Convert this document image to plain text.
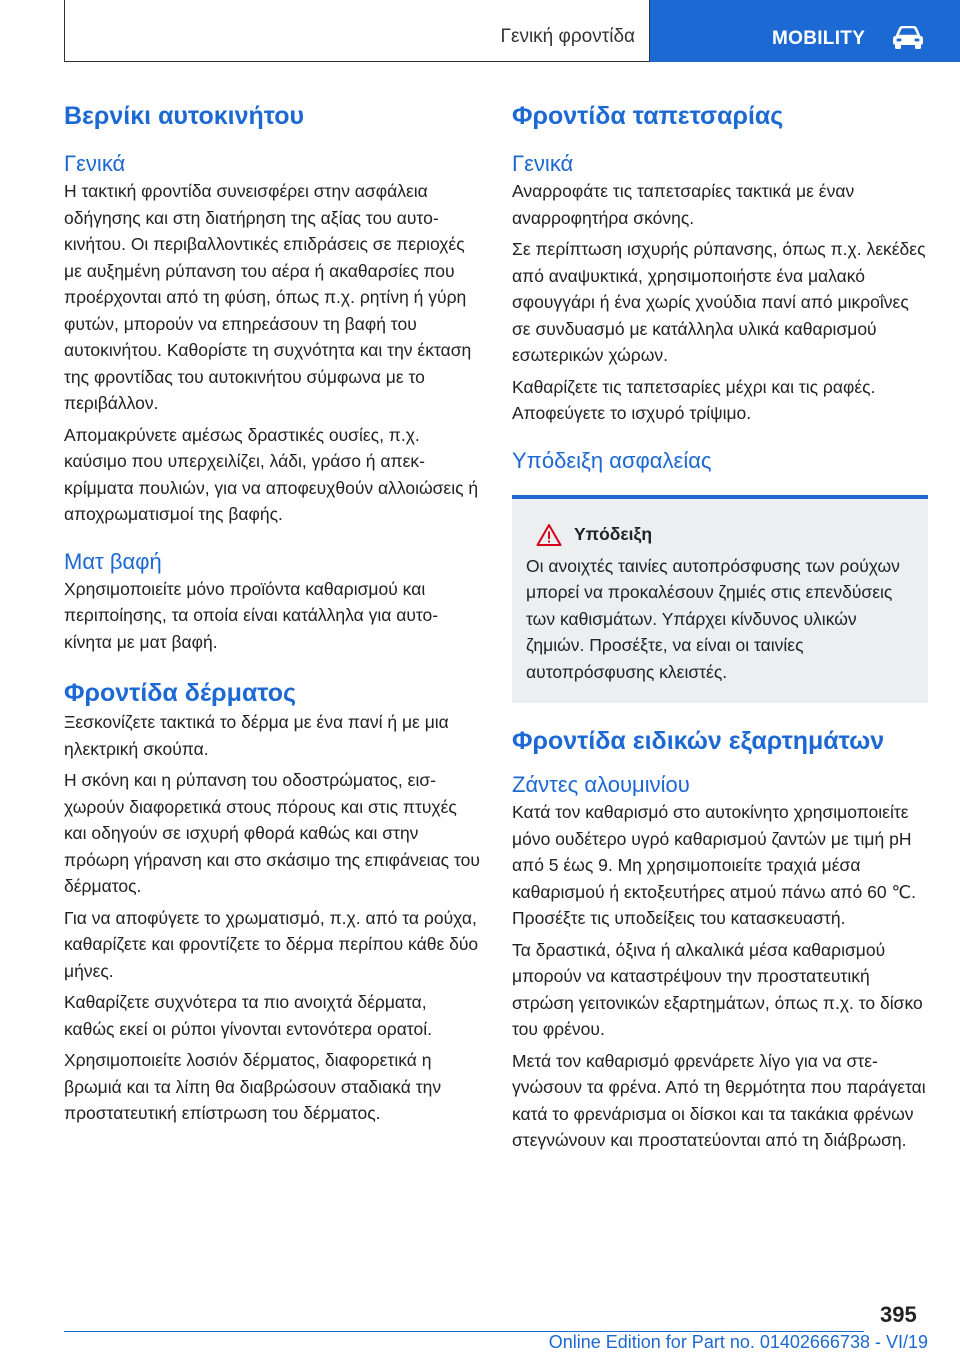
Γενική φροντίδα	MOBILITY
Βερνίκι αυτοκινήτου
Γενικά

Η τακτική φροντίδα συνεισφέρει στην ασφάλεια οδήγησης και στη διατήρηση της αξίας του αυτοκινήτου. Οι περιβαλλοντικές επιδράσεις σε περιοχές με αυξημένη ρύπανση του αέρα ή ακαθαρσίες που προέρχονται από τη φύση, όπως π.χ. ρητίνη ή γύρη φυτών, μπορούν να επηρεάσουν τη βαφή του αυτοκινήτου. Καθορίστε τη συχνότητα και την έκταση της φροντίδας του αυτοκινήτου σύμφωνα με το περιβάλλον.

Απομακρύνετε αμέσως δραστικές ουσίες, π.χ. καύσιμο που υπερχειλίζει, λάδι, γράσο ή απεκκρίμματα πουλιών, για να αποφευχθούν αλλοιώσεις ή αποχρωματισμοί της βαφής.

Ματ βαφή

Χρησιμοποιείτε μόνο προϊόντα καθαρισμού και περιποίησης, τα οποία είναι κατάλληλα για αυτοκίνητα με ματ βαφή.

Φροντίδα δέρματος

Ξεσκονίζετε τακτικά το δέρμα με ένα πανί ή με μια ηλεκτρική σκούπα.

Η σκόνη και η ρύπανση του οδοστρώματος, εισχωρούν διαφορετικά στους πόρους και στις πτυχές και οδηγούν σε ισχυρή φθορά καθώς και στην πρόωρη γήρανση και στο σκάσιμο της επιφάνειας του δέρματος.

Για να αποφύγετε το χρωματισμό, π.χ. από τα ρούχα, καθαρίζετε και φροντίζετε το δέρμα περίπου κάθε δύο μήνες.

Καθαρίζετε συχνότερα τα πιο ανοιχτά δέρματα, καθώς εκεί οι ρύποι γίνονται εντονότερα ορατοί.

Χρησιμοποιείτε λοσιόν δέρματος, διαφορετικά η βρωμιά και τα λίπη θα διαβρώσουν σταδιακά την προστατευτική επίστρωση του δέρματος.

Φροντίδα ταπετσαρίας
Γενικά

Αναρροφάτε τις ταπετσαρίες τακτικά με έναν αναρροφητήρα σκόνης.

Σε περίπτωση ισχυρής ρύπανσης, όπως π.χ. λεκέδες από αναψυκτικά, χρησιμοποιήστε ένα μαλακό σφουγγάρι ή ένα χωρίς χνούδια πανί από μικροΐνες σε συνδυασμό με κατάλληλα υλικά καθαρισμού εσωτερικών χώρων.

Καθαρίζετε τις ταπετσαρίες μέχρι και τις ραφές. Αποφεύγετε το ισχυρό τρίψιμο.

Υπόδειξη ασφαλείας
Υπόδειξη

Οι ανοιχτές ταινίες αυτοπρόσφυσης των ρούχων μπορεί να προκαλέσουν ζημιές στις επενδύσεις των καθισμάτων. Υπάρχει κίνδυνος υλικών ζημιών. Προσέξτε, να είναι οι ταινίες αυτοπρόσφυσης κλειστές.

Φροντίδα ειδικών εξαρτημάτων
Ζάντες αλουμινίου

Κατά τον καθαρισμό στο αυτοκίνητο χρησιμοποιείτε μόνο ουδέτερο υγρό καθαρισμού ζαντών με τιμή pH από 5 έως 9. Μη χρησιμοποιείτε τραχιά μέσα καθαρισμού ή εκτοξευτήρες ατμού πάνω από 60 ℃. Προσέξτε τις υποδείξεις του κατασκευαστή.

Τα δραστικά, όξινα ή αλκαλικά μέσα καθαρισμού μπορούν να καταστρέψουν την προστατευτική στρώση γειτονικών εξαρτημάτων, όπως π.χ. το δίσκο του φρένου.

Μετά τον καθαρισμό φρενάρετε λίγο για να στεγνώσουν τα φρένα. Από τη θερμότητα που παράγεται κατά το φρενάρισμα οι δίσκοι και τα τακάκια φρένων στεγνώνουν και προστατεύονται από τη διάβρωση.

395
Online Edition for Part no. 01402666738 - VI/19
